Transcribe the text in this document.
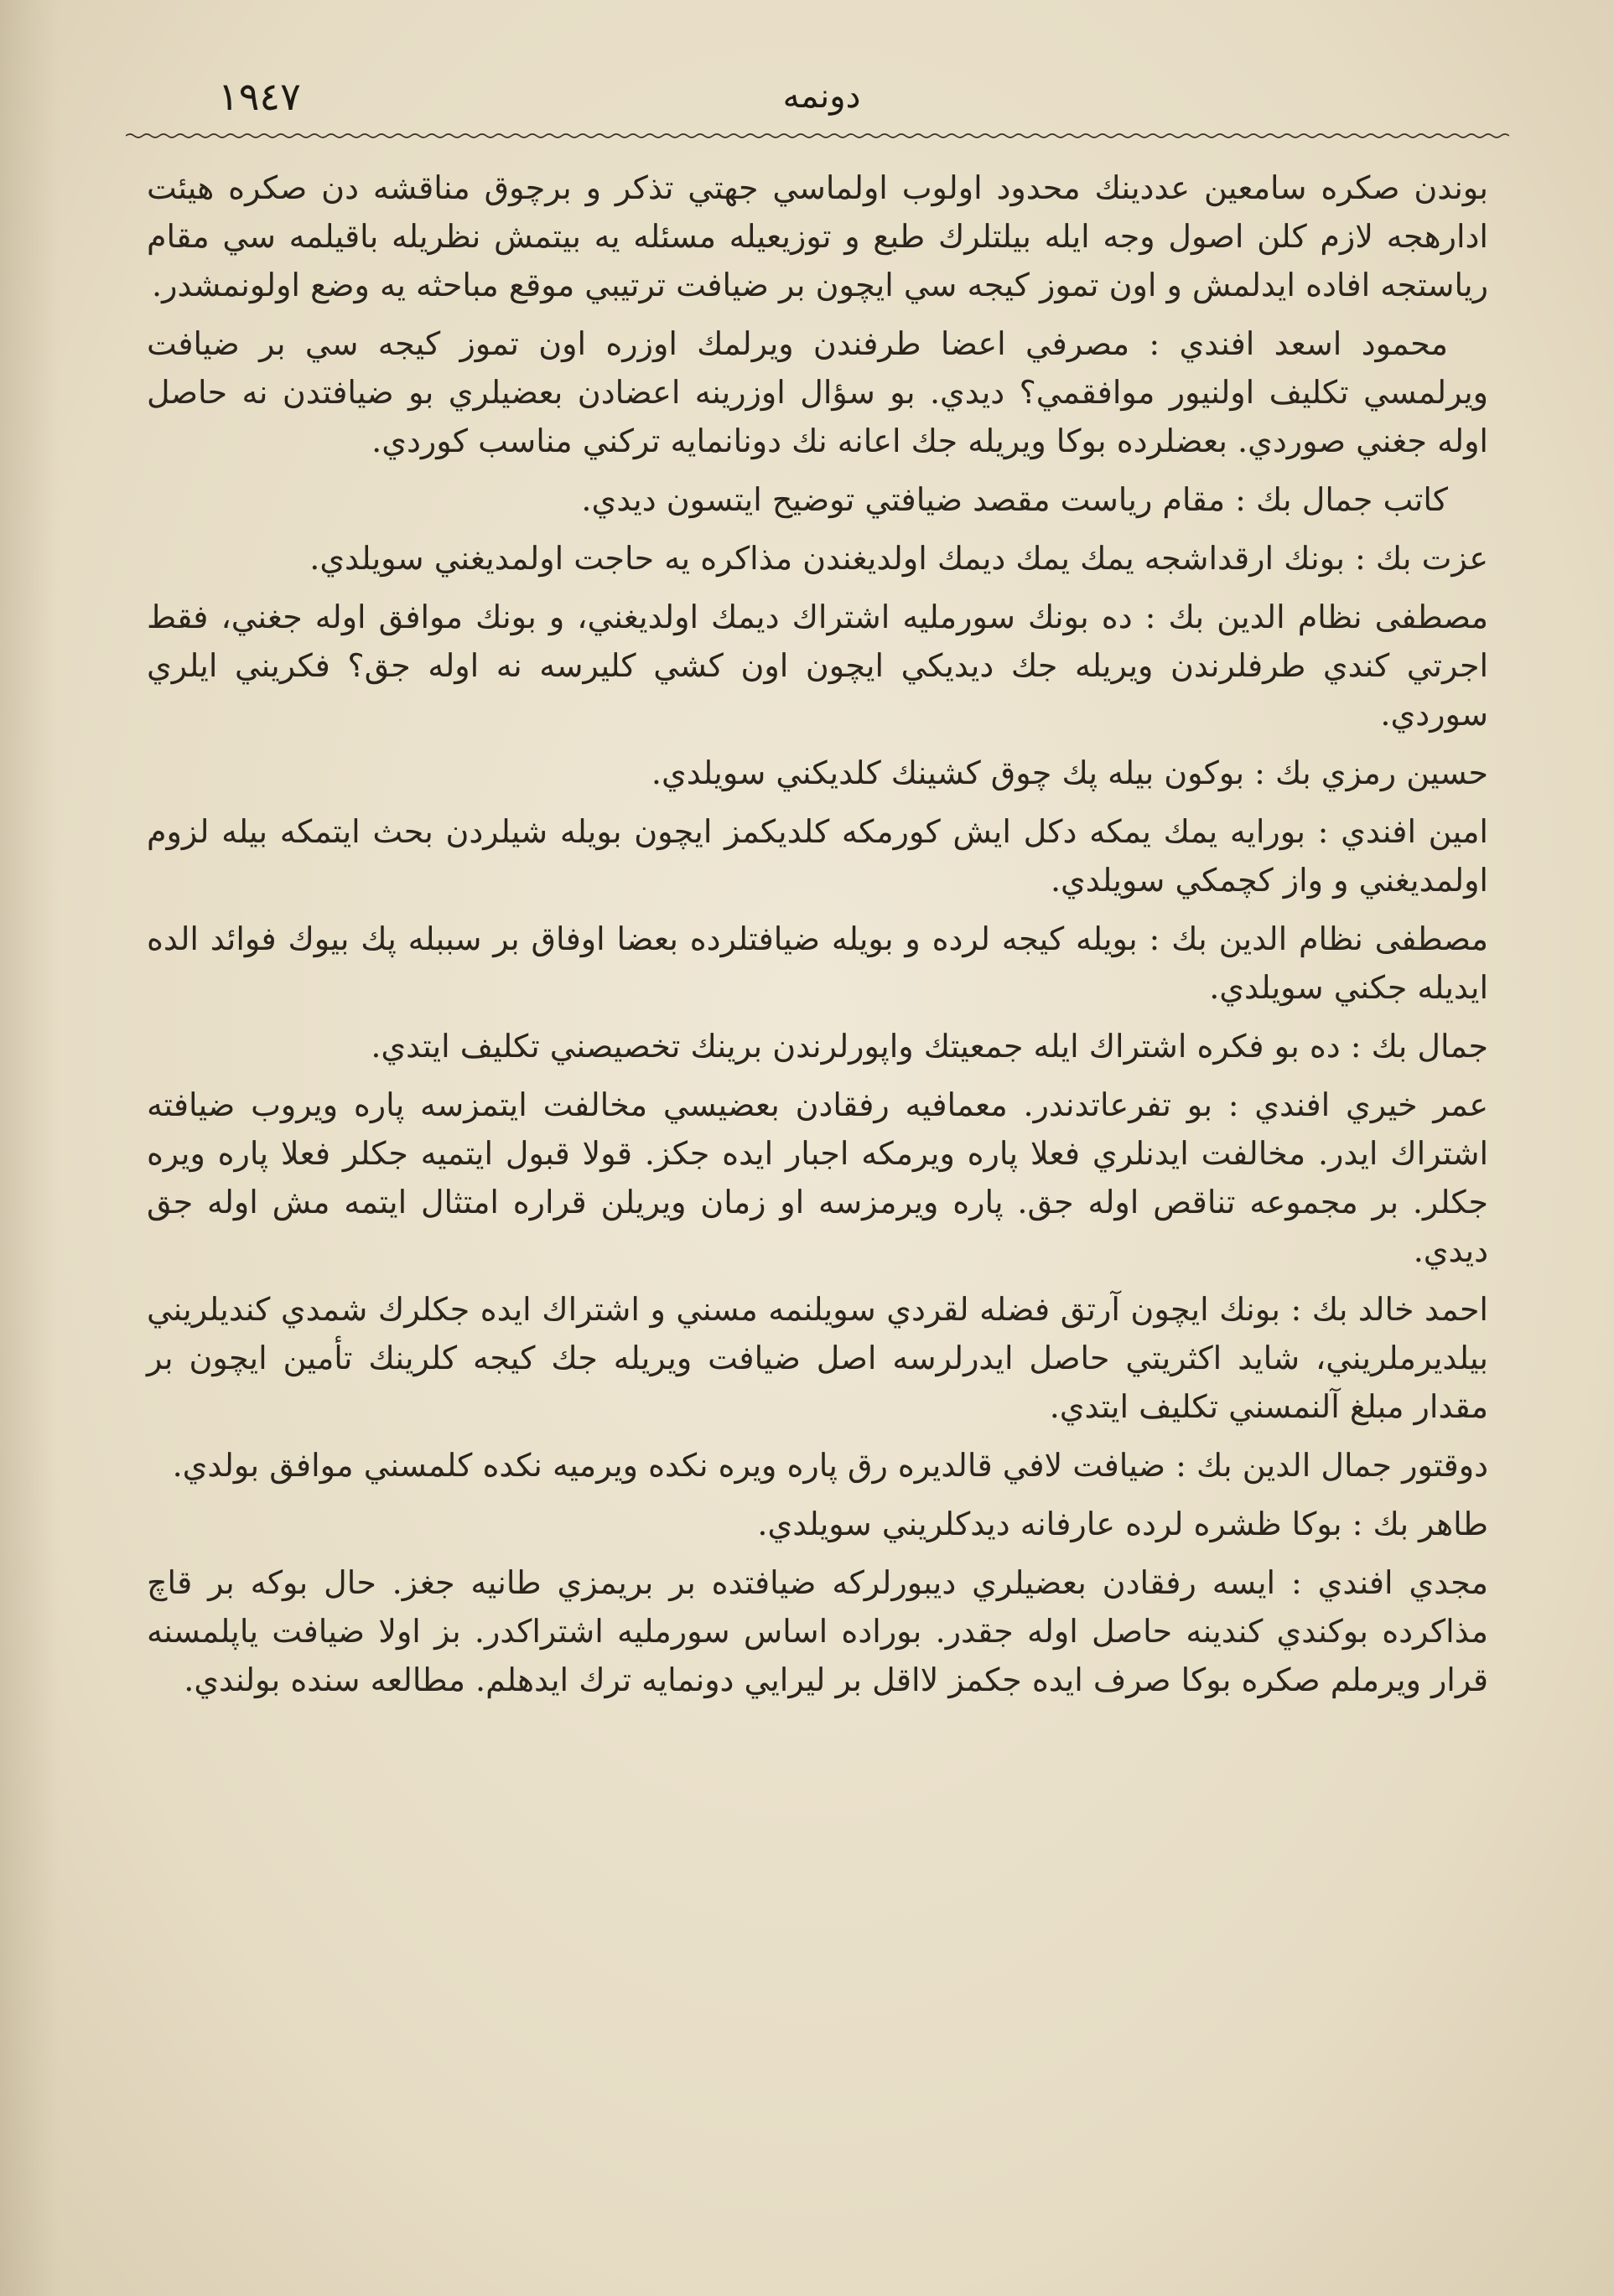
١٩٤٧	دونمه

بوندن صكره سامعين عددينك محدود اولوب اولماسي جهتي تذكر و برچوق مناقشه دن صكره هيئت ادارهجه لازم كلن اصول وجه ايله بيلتلرك طبع و توزيعيله مسئله يه بيتمش نظريله باقيلمه سي مقام رياستجه افاده ايدلمش و اون تموز كيجه سي ايچون بر ضيافت ترتيبي موقع مباحثه يه وضع اولونمشدر.

محمود اسعد افندي : مصرفي اعضا طرفندن ويرلمك اوزره اون تموز كيجه سي بر ضيافت ويرلمسي تكليف اولنيور موافقمي؟ ديدي. بو سؤال اوزرينه اعضادن بعضيلري بو ضيافتدن نه حاصل اوله جغني صوردي. بعضلرده بوكا ويريله جك اعانه نك دونانمايه تركني مناسب كوردي.

كاتب جمال بك : مقام رياست مقصد ضيافتي توضيح ايتسون ديدي.

عزت بك : بونك ارقداشجه يمك يمك ديمك اولديغندن مذاكره يه حاجت اولمديغني سويلدي.

مصطفى نظام الدين بك : ده بونك سورمليه اشتراك ديمك اولديغني، و بونك موافق اوله جغني، فقط اجرتي كندي طرفلرندن ويريله جك ديديكي ايچون اون كشي كليرسه نه اوله جق؟ فكريني ايلري سوردي.

حسين رمزي بك : بوكون بيله پك چوق كشينك كلديكني سويلدي.

امين افندي : بورايه يمك يمكه دكل ايش كورمكه كلديكمز ايچون بويله شيلردن بحث ايتمكه بيله لزوم اولمديغني و واز كچمكي سويلدي.

مصطفى نظام الدين بك : بويله كيجه لرده و بويله ضيافتلرده بعضا اوفاق بر سببله پك بيوك فوائد الده ايديله جكني سويلدي.

جمال بك : ده بو فكره اشتراك ايله جمعيتك واپورلرندن برينك تخصيصني تكليف ايتدي.

عمر خيري افندي : بو تفرعاتدندر. معمافيه رفقادن بعضيسي مخالفت ايتمزسه پاره ويروب ضيافته اشتراك ايدر. مخالفت ايدنلري فعلا پاره ويرمكه اجبار ايده جكز. قولا قبول ايتميه جكلر فعلا پاره ويره جكلر. بر مجموعه تناقص اوله جق. پاره ويرمزسه او زمان ويريلن قراره امتثال ايتمه مش اوله جق ديدي.

احمد خالد بك : بونك ايچون آرتق فضله لقردي سويلنمه مسني و اشتراك ايده جكلرك شمدي كنديلريني بيلديرملريني، شايد اكثريتي حاصل ايدرلرسه اصل ضيافت ويريله جك كيجه كلرينك تأمين ايچون بر مقدار مبلغ آلنمسني تكليف ايتدي.

دوقتور جمال الدين بك : ضيافت لافي قالديره رق پاره ويره نكده ويرميه نكده كلمسني موافق بولدي.

طاهر بك : بوكا ظشره لرده عارفانه ديدكلريني سويلدي.

مجدي افندي : ايسه رفقادن بعضيلري ديبورلركه ضيافتده بر بريمزي طانيه جغز. حال بوكه بر قاچ مذاكرده بوكندي كندينه حاصل اوله جقدر. بوراده اساس سورمليه اشتراكدر. بز اولا ضيافت ياپلمسنه قرار ويرملم صكره بوكا صرف ايده جكمز لااقل بر ليرايي دونمايه ترك ايدهلم. مطالعه سنده بولندي.
